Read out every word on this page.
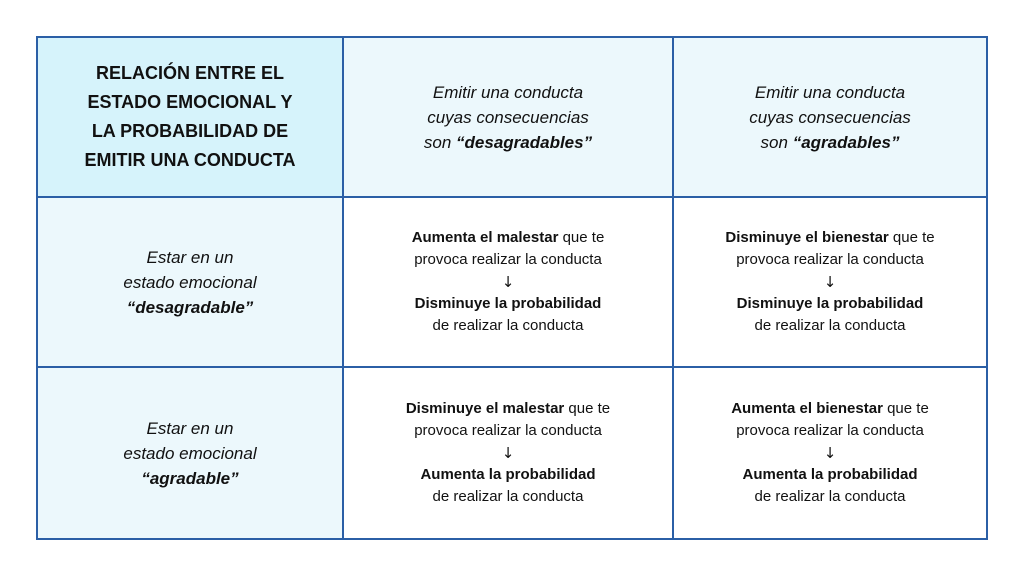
RELACIÓN ENTRE EL
ESTADO EMOCIONAL Y
LA PROBABILIDAD DE
EMITIR UNA CONDUCTA
Emitir una conducta
cuyas consecuencias
son “desagradables”
Emitir una conducta
cuyas consecuencias
son “agradables”
Estar en un
estado emocional
“desagradable”
Aumenta el malestar que te
provoca realizar la conducta
↓
Disminuye la probabilidad
de realizar la conducta
Disminuye el bienestar que te
provoca realizar la conducta
↓
Disminuye la probabilidad
de realizar la conducta
Estar en un
estado emocional
“agradable”
Disminuye el malestar que te
provoca realizar la conducta
↓
Aumenta la probabilidad
de realizar la conducta
Aumenta el bienestar que te
provoca realizar la conducta
↓
Aumenta la probabilidad
de realizar la conducta
